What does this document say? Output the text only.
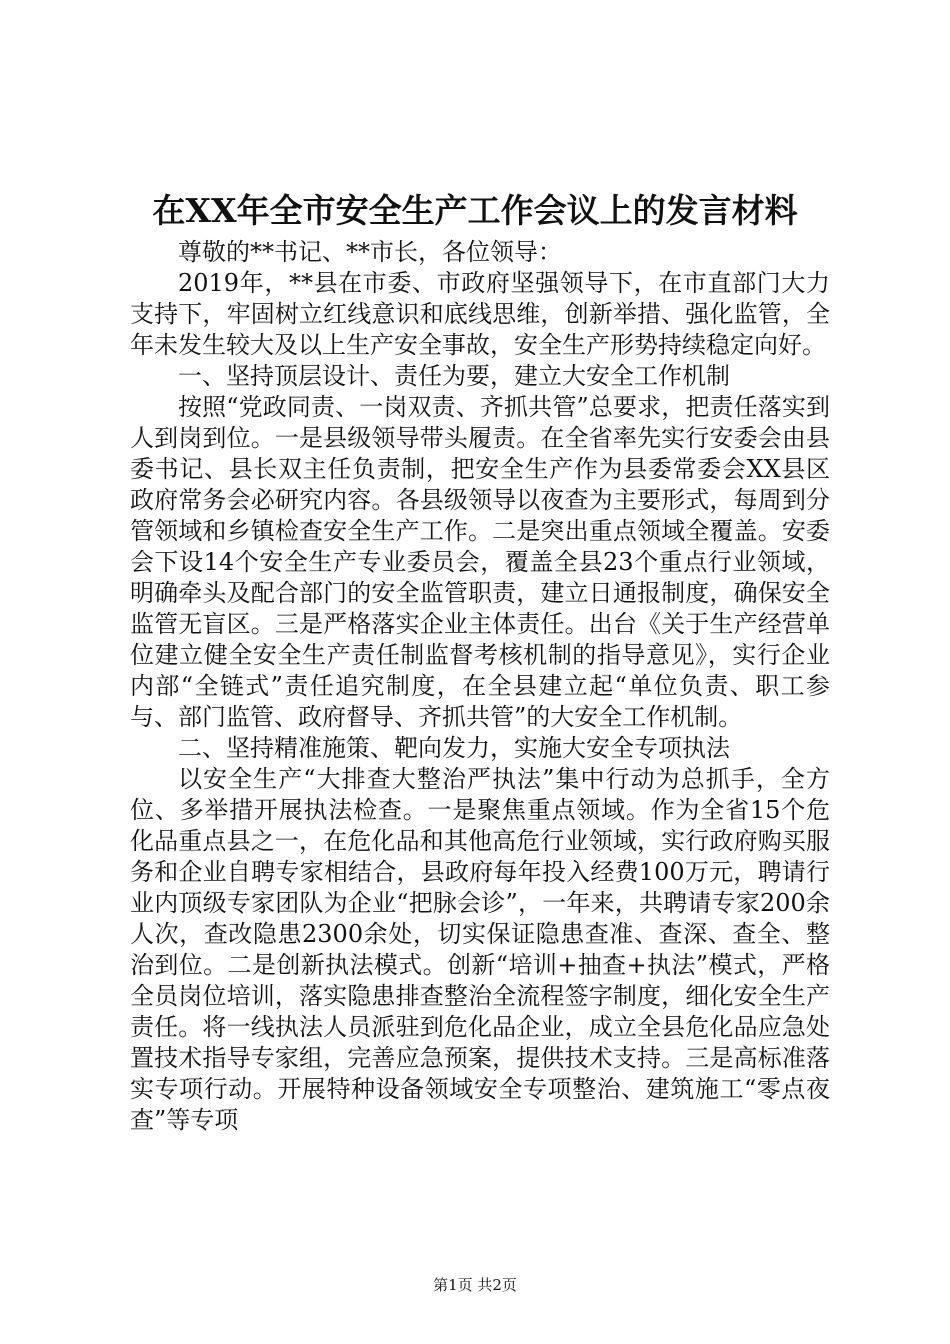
在XX年全市安全生产工作会议上的发言材料

尊敬的**书记、**市长，各位领导：

2019年，**县在市委、市政府坚强领导下，在市直部门大力支持下，牢固树立红线意识和底线思维，创新举措、强化监管，全年未发生较大及以上生产安全事故，安全生产形势持续稳定向好。

一、坚持顶层设计、责任为要，建立大安全工作机制

按照“党政同责、一岗双责、齐抓共管”总要求，把责任落实到人到岗到位。一是县级领导带头履责。在全省率先实行安委会由县委书记、县长双主任负责制，把安全生产作为县委常委会XX县区政府常务会必研究内容。各县级领导以夜查为主要形式，每周到分管领域和乡镇检查安全生产工作。二是突出重点领域全覆盖。安委会下设14个安全生产专业委员会，覆盖全县23个重点行业领域，明确牵头及配合部门的安全监管职责，建立日通报制度，确保安全监管无盲区。三是严格落实企业主体责任。出台《关于生产经营单位建立健全安全生产责任制监督考核机制的指导意见》，实行企业内部“全链式”责任追究制度，在全县建立起“单位负责、职工参与、部门监管、政府督导、齐抓共管”的大安全工作机制。

二、坚持精准施策、靶向发力，实施大安全专项执法

以安全生产“大排查大整治严执法”集中行动为总抓手，全方位、多举措开展执法检查。一是聚焦重点领域。作为全省15个危化品重点县之一，在危化品和其他高危行业领域，实行政府购买服务和企业自聘专家相结合，县政府每年投入经费100万元，聘请行业内顶级专家团队为企业“把脉会诊”，一年来，共聘请专家200余人次，查改隐患2300余处，切实保证隐患查准、查深、查全、整治到位。二是创新执法模式。创新“培训+抽查+执法”模式，严格全员岗位培训，落实隐患排查整治全流程签字制度，细化安全生产责任。将一线执法人员派驻到危化品企业，成立全县危化品应急处置技术指导专家组，完善应急预案，提供技术支持。三是高标准落实专项行动。开展特种设备领域安全专项整治、建筑施工“零点夜查”等专项

第1页 共2页
